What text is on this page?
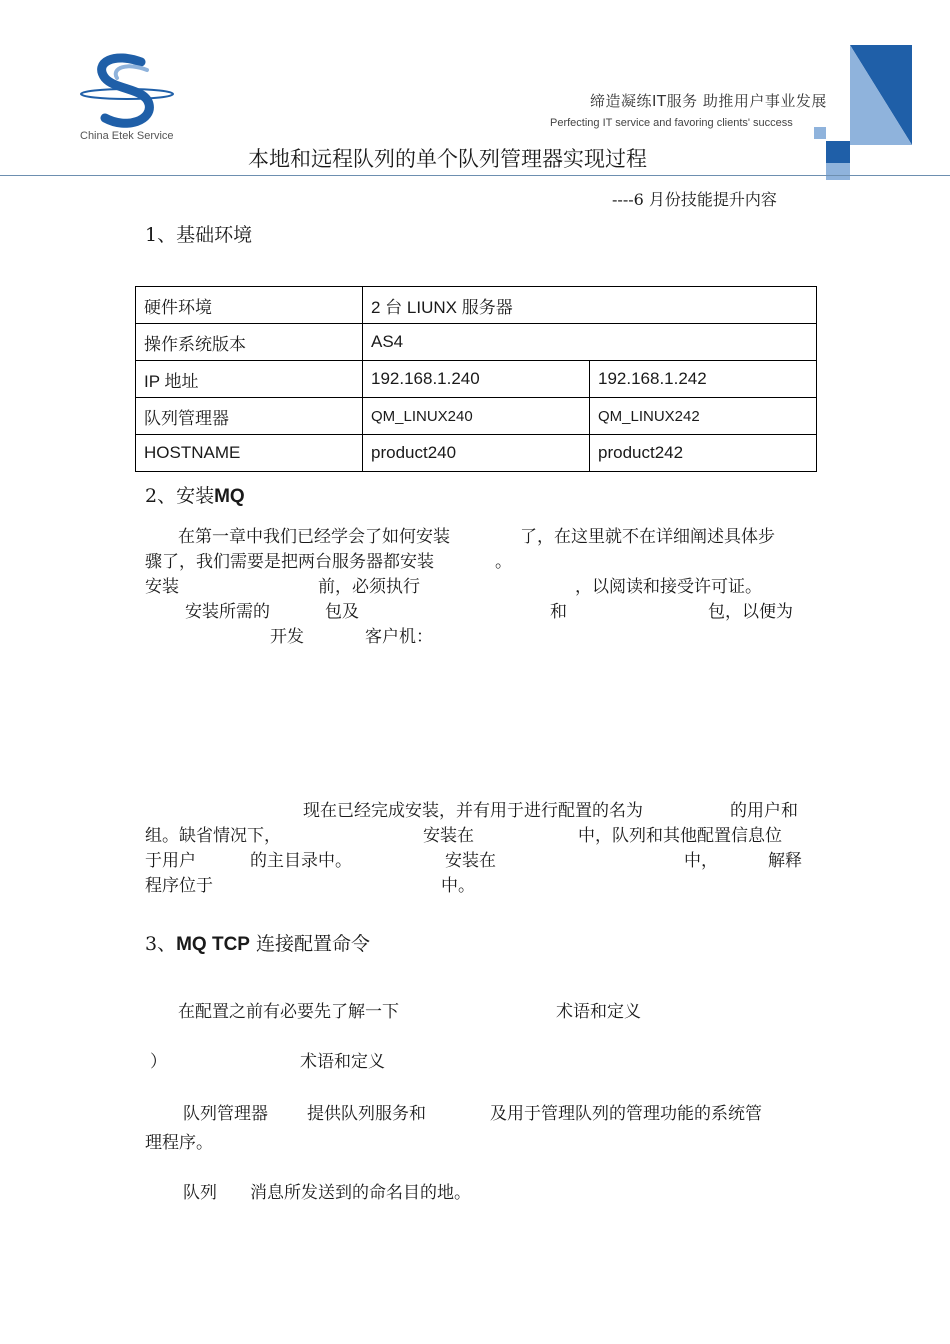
China Etek Service
缔造凝练IT服务 助推用户事业发展
Perfecting IT service and favoring clients' success
本地和远程队列的单个队列管理器实现过程
----6 月份技能提升内容
1、基础环境
硬件环境	2 台 LIUNX 服务器	
操作系统版本	AS4	
IP 地址	192.168.1.240	192.168.1.242
队列管理器	QM_LINUX240	QM_LINUX242
HOSTNAME	product240	product242
2、安装MQ
在第一章中我们已经学会了如何安装	了，在这里就不在详细阐述具体步
骤了，我们需要是把两台服务器都安装	。
安装	前，必须执行	，以阅读和接受许可证。
安装所需的	包及	和	包，以便为
开发	客户机：
现在已经完成安装，并有用于进行配置的名为	的用户和
组。缺省情况下，	安装在	中，队列和其他配置信息位
于用户	的主目录中。	安装在	中，	解释
程序位于	中。
3、MQ TCP 连接配置命令
在配置之前有必要先了解一下	术语和定义
）	术语和定义
队列管理器 提供队列服务和	及用于管理队列的管理功能的系统管
理程序。
队列 消息所发送到的命名目的地。
